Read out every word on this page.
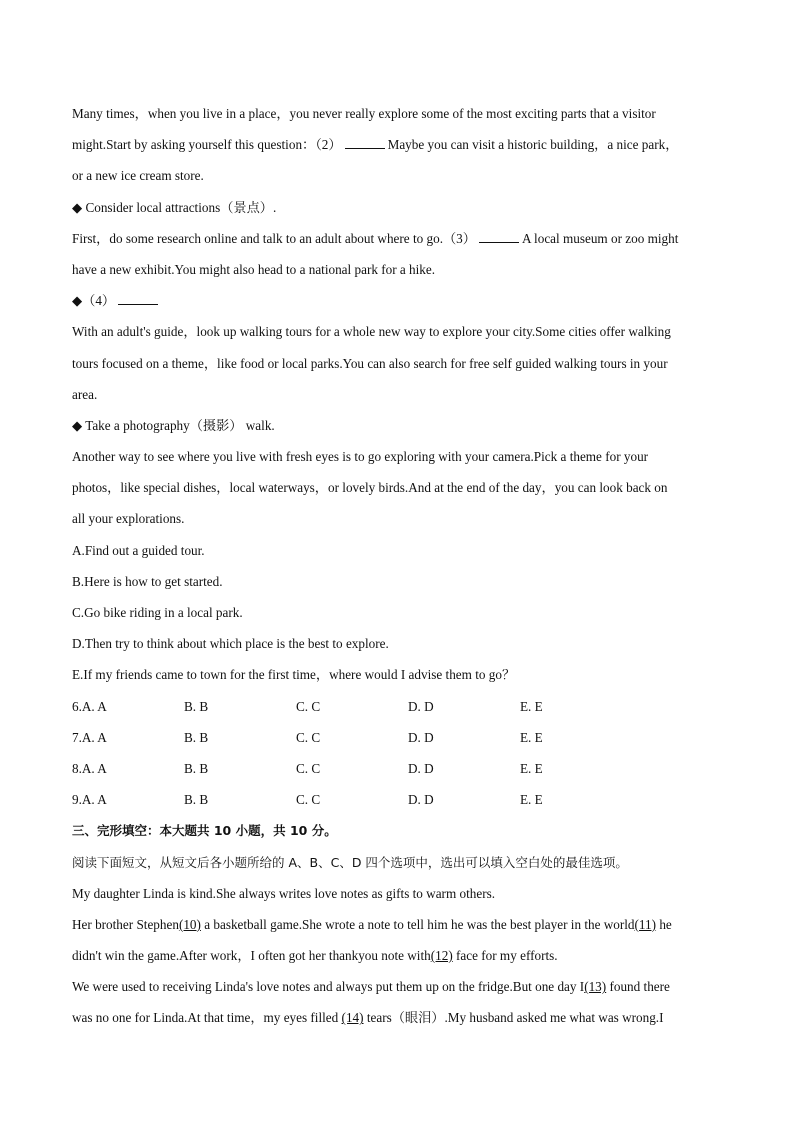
Many times，when you live in a place，you never really explore some of the most exciting parts that a visitor
might.Start by asking yourself this question：（2）	Maybe you can visit a historic building，a nice park，
or a new ice cream store.
◆ Consider local attractions（景点）.
First，do some research online and talk to an adult about where to go.（3）	A local museum or zoo might
have a new exhibit.You might also head to a national park for a hike.
◆（4）
With an adult's guide，look up walking tours for a whole new way to explore your city.Some cities offer walking
tours focused on a theme，like food or local parks.You can also search for free self guided walking tours in your
area.
◆ Take a photography（摄影） walk.
Another way to see where you live with fresh eyes is to go exploring with your camera.Pick a theme for your
photos，like special dishes，local waterways，or lovely birds.And at the end of the day，you can look back on
all your explorations.
A.Find out a guided tour.
B.Here is how to get started.
C.Go bike riding in a local park.
D.Then try to think about which place is the best to explore.
E.If my friends came to town for the first time，where would I advise them to go？
6.A. A	B. B	C. C	D. D	E. E
7.A. A	B. B	C. C	D. D	E. E
8.A. A	B. B	C. C	D. D	E. E
9.A. A	B. B	C. C	D. D	E. E
三、完形填空：本大题共 10 小题，共 10 分。
阅读下面短文，从短文后各小题所给的 A、B、C、D 四个选项中，选出可以填入空白处的最佳选项。
My daughter Linda is kind.She always writes love notes as gifts to warm others.
Her brother Stephen(10) a basketball game.She wrote a note to tell him he was the best player in the world(11) he
didn't win the game.After work，I often got her thankyou note with(12) face for my efforts.
We were used to receiving Linda's love notes and always put them up on the fridge.But one day I(13) found there
was no one for Linda.At that time，my eyes filled (14) tears（眼泪）.My husband asked me what was wrong.I
